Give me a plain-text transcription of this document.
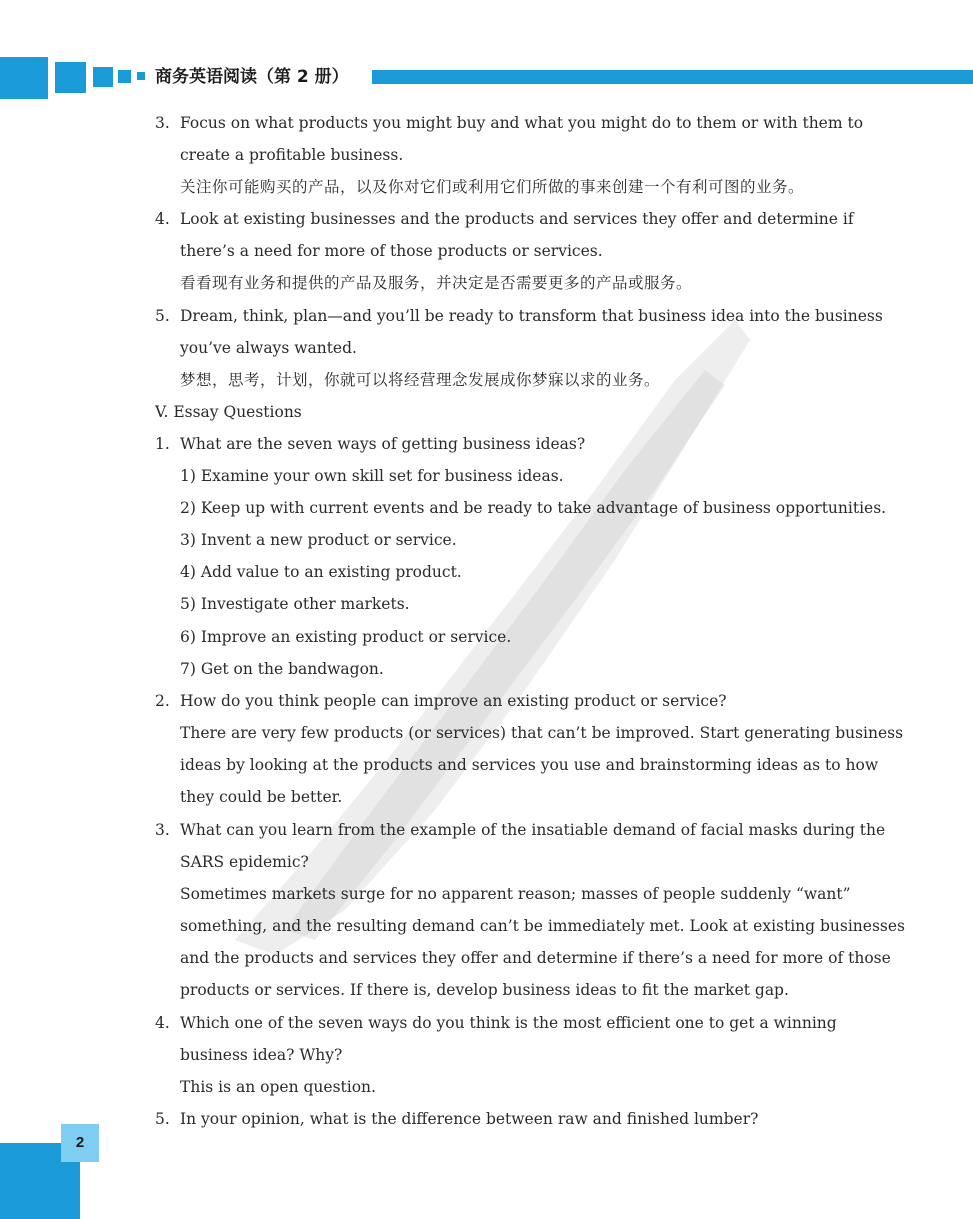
商务英语阅读（第 2 册）
3. Focus on what products you might buy and what you might do to them or with them to
create a profitable business.
关注你可能购买的产品，以及你对它们或利用它们所做的事来创建一个有利可图的业务。
4. Look at existing businesses and the products and services they offer and determine if
there’s a need for more of those products or services.
看看现有业务和提供的产品及服务，并决定是否需要更多的产品或服务。
5. Dream, think, plan—and you’ll be ready to transform that business idea into the business
you’ve always wanted.
梦想，思考，计划，你就可以将经营理念发展成你梦寐以求的业务。
V. Essay Questions
1. What are the seven ways of getting business ideas?
1) Examine your own skill set for business ideas.
2) Keep up with current events and be ready to take advantage of business opportunities.
3) Invent a new product or service.
4) Add value to an existing product.
5) Investigate other markets.
6) Improve an existing product or service.
7) Get on the bandwagon.
2. How do you think people can improve an existing product or service?
There are very few products (or services) that can’t be improved. Start generating business
ideas by looking at the products and services you use and brainstorming ideas as to how
they could be better.
3. What can you learn from the example of the insatiable demand of facial masks during the
SARS epidemic?
Sometimes markets surge for no apparent reason; masses of people suddenly “want”
something, and the resulting demand can’t be immediately met. Look at existing businesses
and the products and services they offer and determine if there’s a need for more of those
products or services. If there is, develop business ideas to fit the market gap.
4. Which one of the seven ways do you think is the most efficient one to get a winning
business idea? Why?
This is an open question.
5. In your opinion, what is the difference between raw and finished lumber?
2
